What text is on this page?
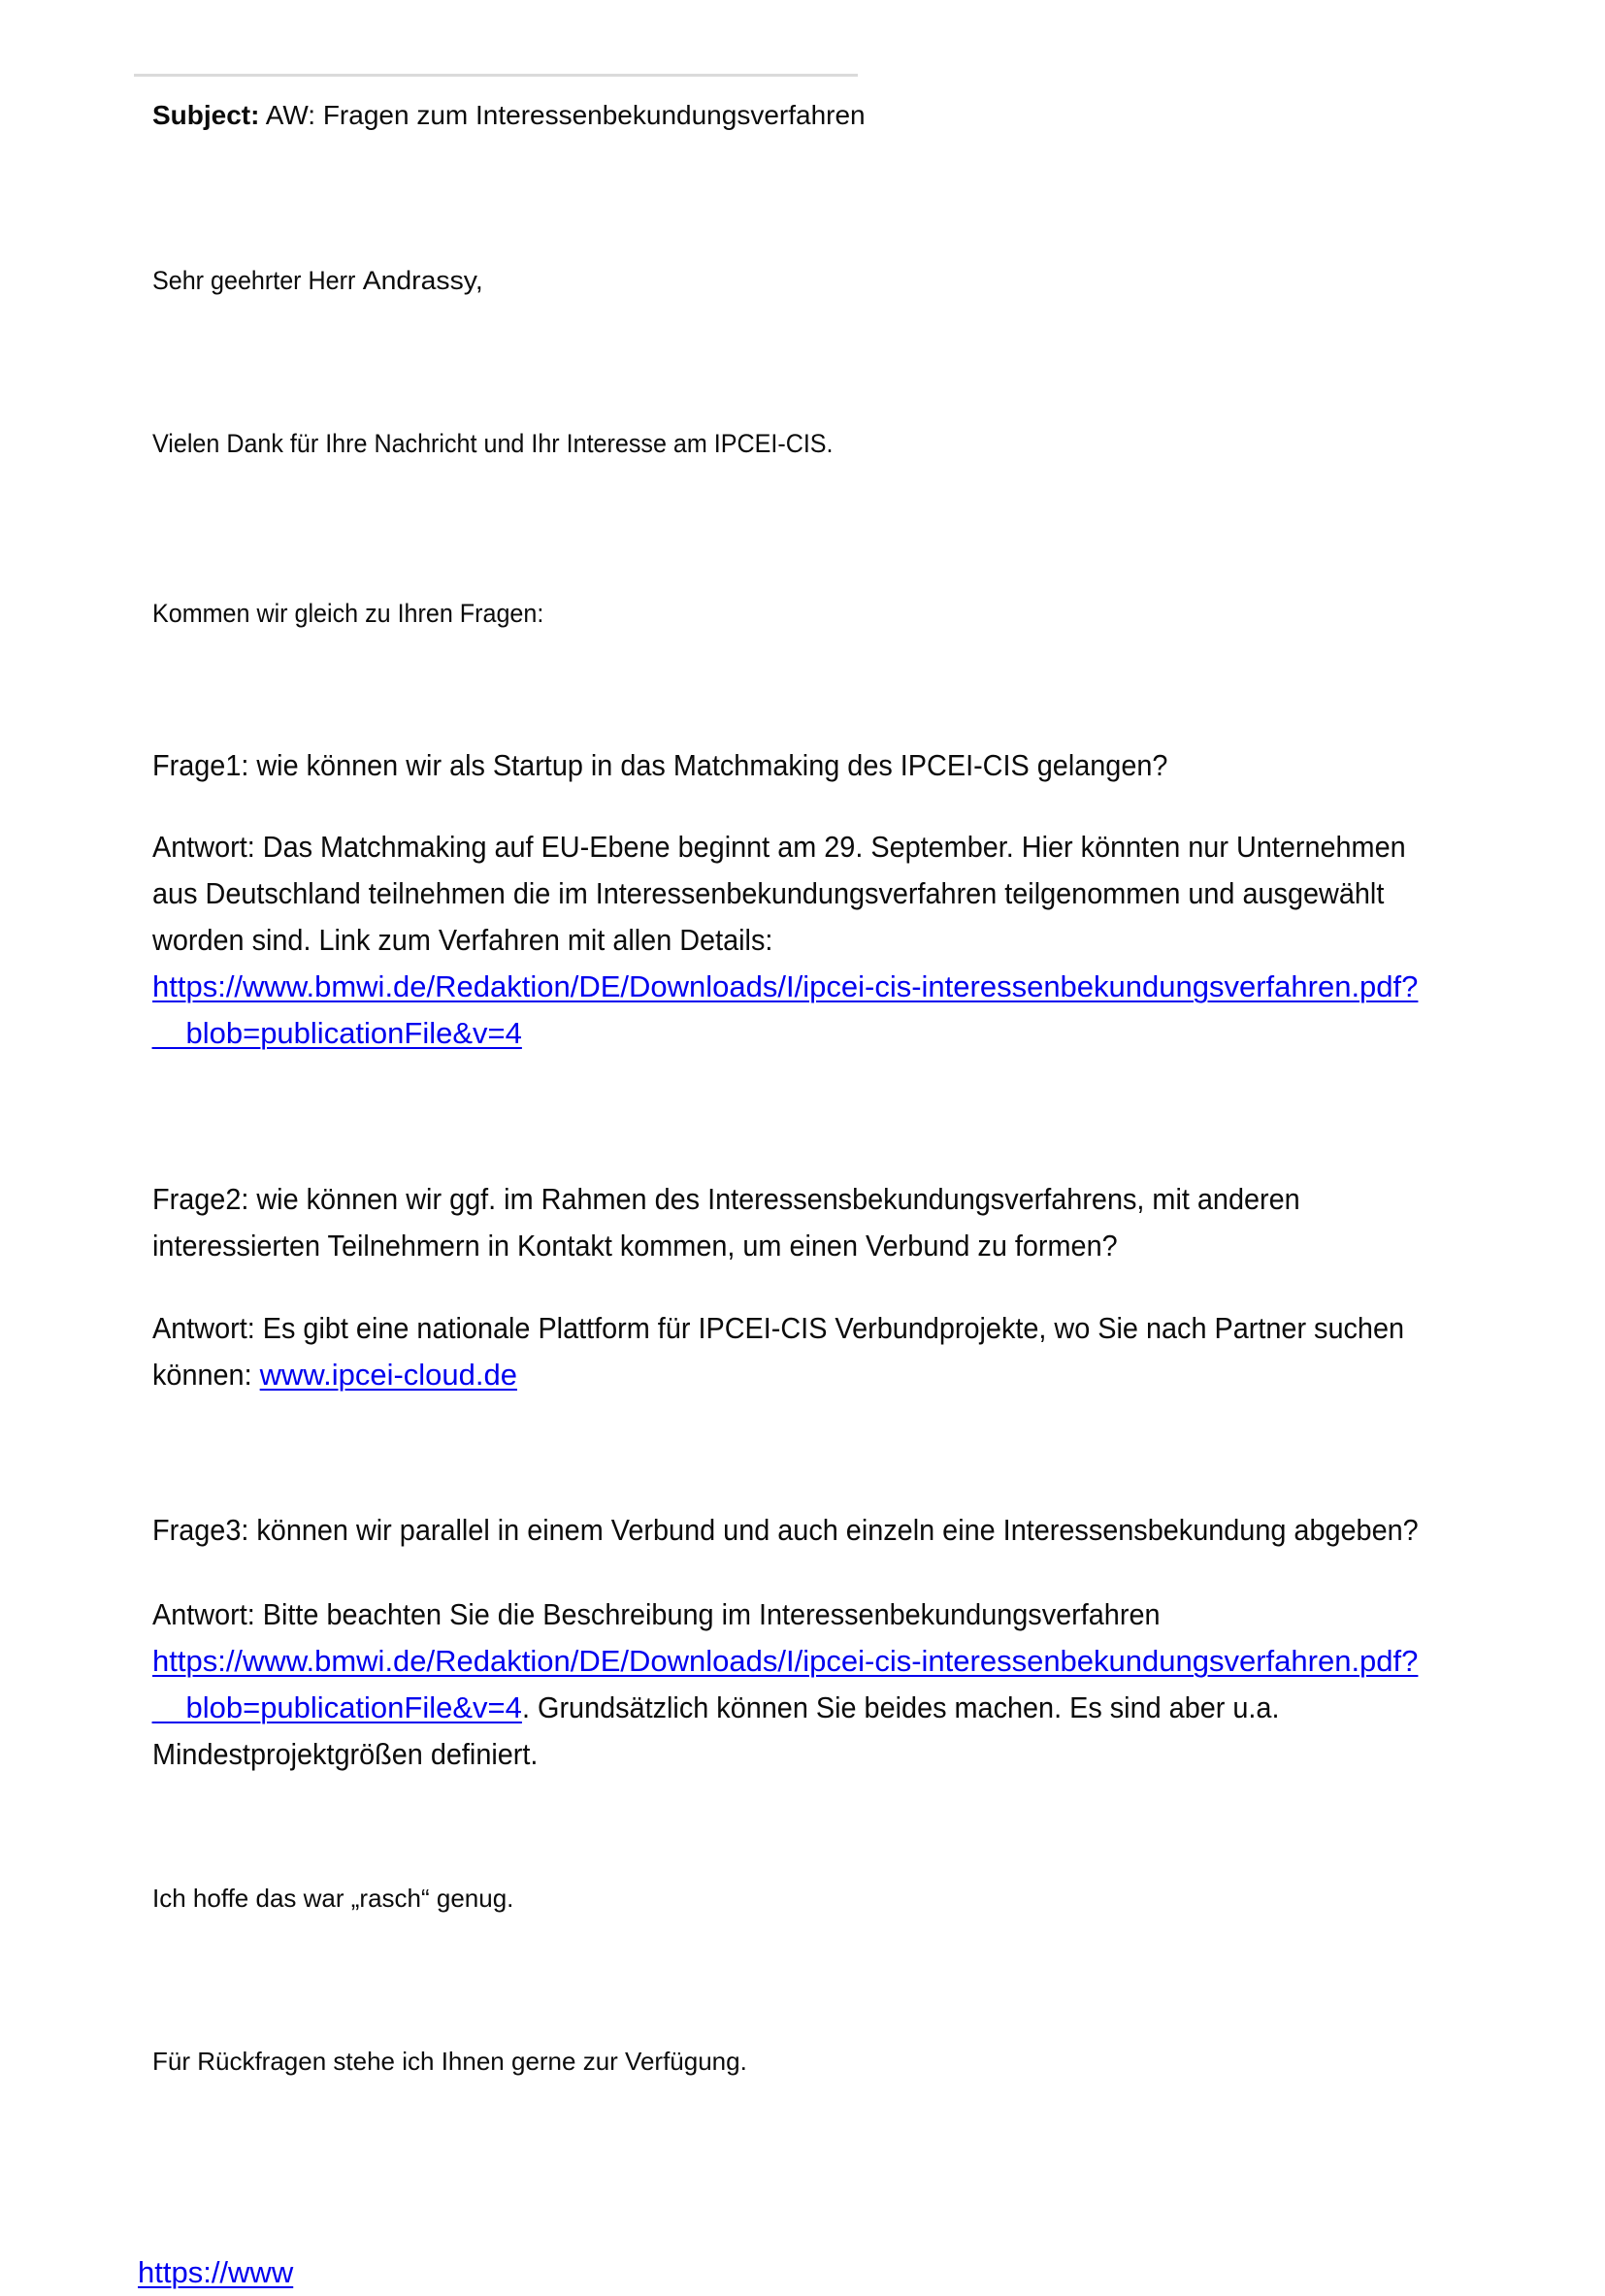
Subject: AW: Fragen zum Interessenbekundungsverfahren
Sehr geehrter Herr Andrassy,
Vielen Dank für Ihre Nachricht und Ihr Interesse am IPCEI-CIS.
Kommen wir gleich zu Ihren Fragen:
Frage1: wie können wir als Startup in das Matchmaking des IPCEI-CIS gelangen?
Antwort: Das Matchmaking auf EU-Ebene beginnt am 29. September. Hier könnten nur Unternehmen
aus Deutschland teilnehmen die im Interessenbekundungsverfahren teilgenommen und ausgewählt
worden sind. Link zum Verfahren mit allen Details:
https://www.bmwi.de/Redaktion/DE/Downloads/I/ipcei-cis-interessenbekundungsverfahren.pdf?
__blob=publicationFile&v=4
Frage2: wie können wir ggf. im Rahmen des Interessensbekundungsverfahrens, mit anderen
interessierten Teilnehmern in Kontakt kommen, um einen Verbund zu formen?
Antwort: Es gibt eine nationale Plattform für IPCEI-CIS Verbundprojekte, wo Sie nach Partner suchen
können: www.ipcei-cloud.de
Frage3: können wir parallel in einem Verbund und auch einzeln eine Interessensbekundung abgeben?
Antwort: Bitte beachten Sie die Beschreibung im Interessenbekundungsverfahren
https://www.bmwi.de/Redaktion/DE/Downloads/I/ipcei-cis-interessenbekundungsverfahren.pdf?
__blob=publicationFile&v=4. Grundsätzlich können Sie beides machen. Es sind aber u.a.
Mindestprojektgrößen definiert.
Ich hoffe das war „rasch“ genug.
Für Rückfragen stehe ich Ihnen gerne zur Verfügung.
https://www
